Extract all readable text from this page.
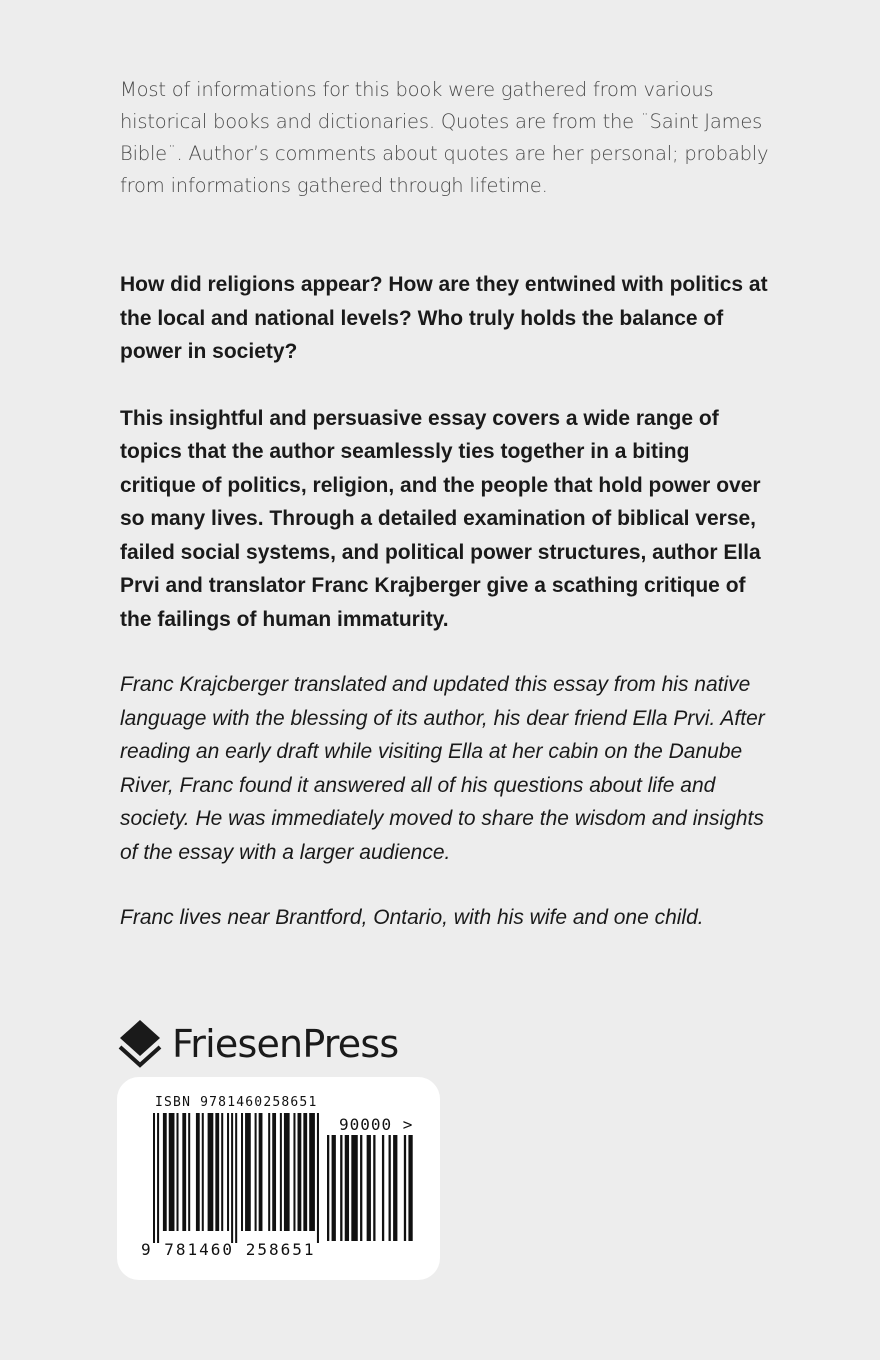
Most of informations for this book were gathered from various historical books and dictionaries. Quotes are from the ¨Saint James Bible¨. Author’s comments about quotes are her personal; probably from informations gathered through lifetime.

How did religions appear? How are they entwined with politics at the local and national levels? Who truly holds the balance of power in society?

This insightful and persuasive essay covers a wide range of topics that the author seamlessly ties together in a biting critique of politics, religion, and the people that hold power over so many lives. Through a detailed examination of biblical verse, failed social systems, and political power structures, author Ella Prvi and translator Franc Krajberger give a scathing critique of the failings of human immaturity.

Franc Krajcberger translated and updated this essay from his native language with the blessing of its author, his dear friend Ella Prvi. After reading an early draft while visiting Ella at her cabin on the Danube River, Franc found it answered all of his questions about life and society. He was immediately moved to share the wisdom and insights of the essay with a larger audience.

Franc lives near Brantford, Ontario, with his wife and one child.

FriesenPress
ISBN 9781460258651
90000 >
9 781460 258651
